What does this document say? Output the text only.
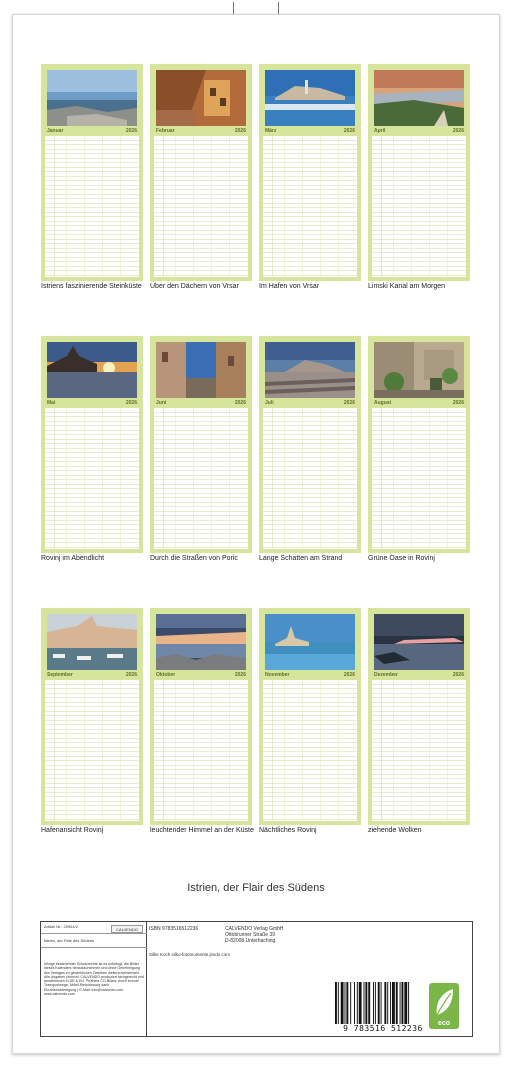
Januar	2026
Istriens faszinierende Steinküste
Februar	2026
Über den Dächern von Vrsar
März	2026
Im Hafen von Vrsar
April	2026
Limski Kanal am Morgen
Mai	2026
Rovinj im Abendlicht
Juni	2026
Durch die Straßen von Poric
Juli	2026
Lange Schatten am Strand
August	2026
Grüne Oase in Rovinj
September	2026
Hafenansicht Rovinj
Oktober	2026
leuchtender Himmel an der Küste
November	2026
Nächtliches Rovinj
Dezember	2026
ziehende Wolken
Istrien, der Flair des Südens
Artikel Nr.: 20961/2
CALVENDO
Istrien, der Flair des Südens
Infolge bestehender Schutzrechte ist es unbefugt, die Bilder dieses Kalenders herauszunehmen und ohne Genehmigung des Verlages zu gewerblichen Zwecken weiterzuverwenden. Alle Angaben (einschl. CALVENDO produziert fachgerecht und annahmevon in DE & EU. Prüfnetz CO-Bilanz durch bonner Transportwege. Abfall-Reduzierung dank Einzelstückfertigung.) E-Mail: info@calvendo.com · www.calvendo.com
ISBN 9783516512236	CALVENDO Verlag GmbH
Ottobrunner Straße 39
D-82008 Unterhaching
Silke Koch silko-fotomomente.jimdo.com
9 783516 512236
eco
